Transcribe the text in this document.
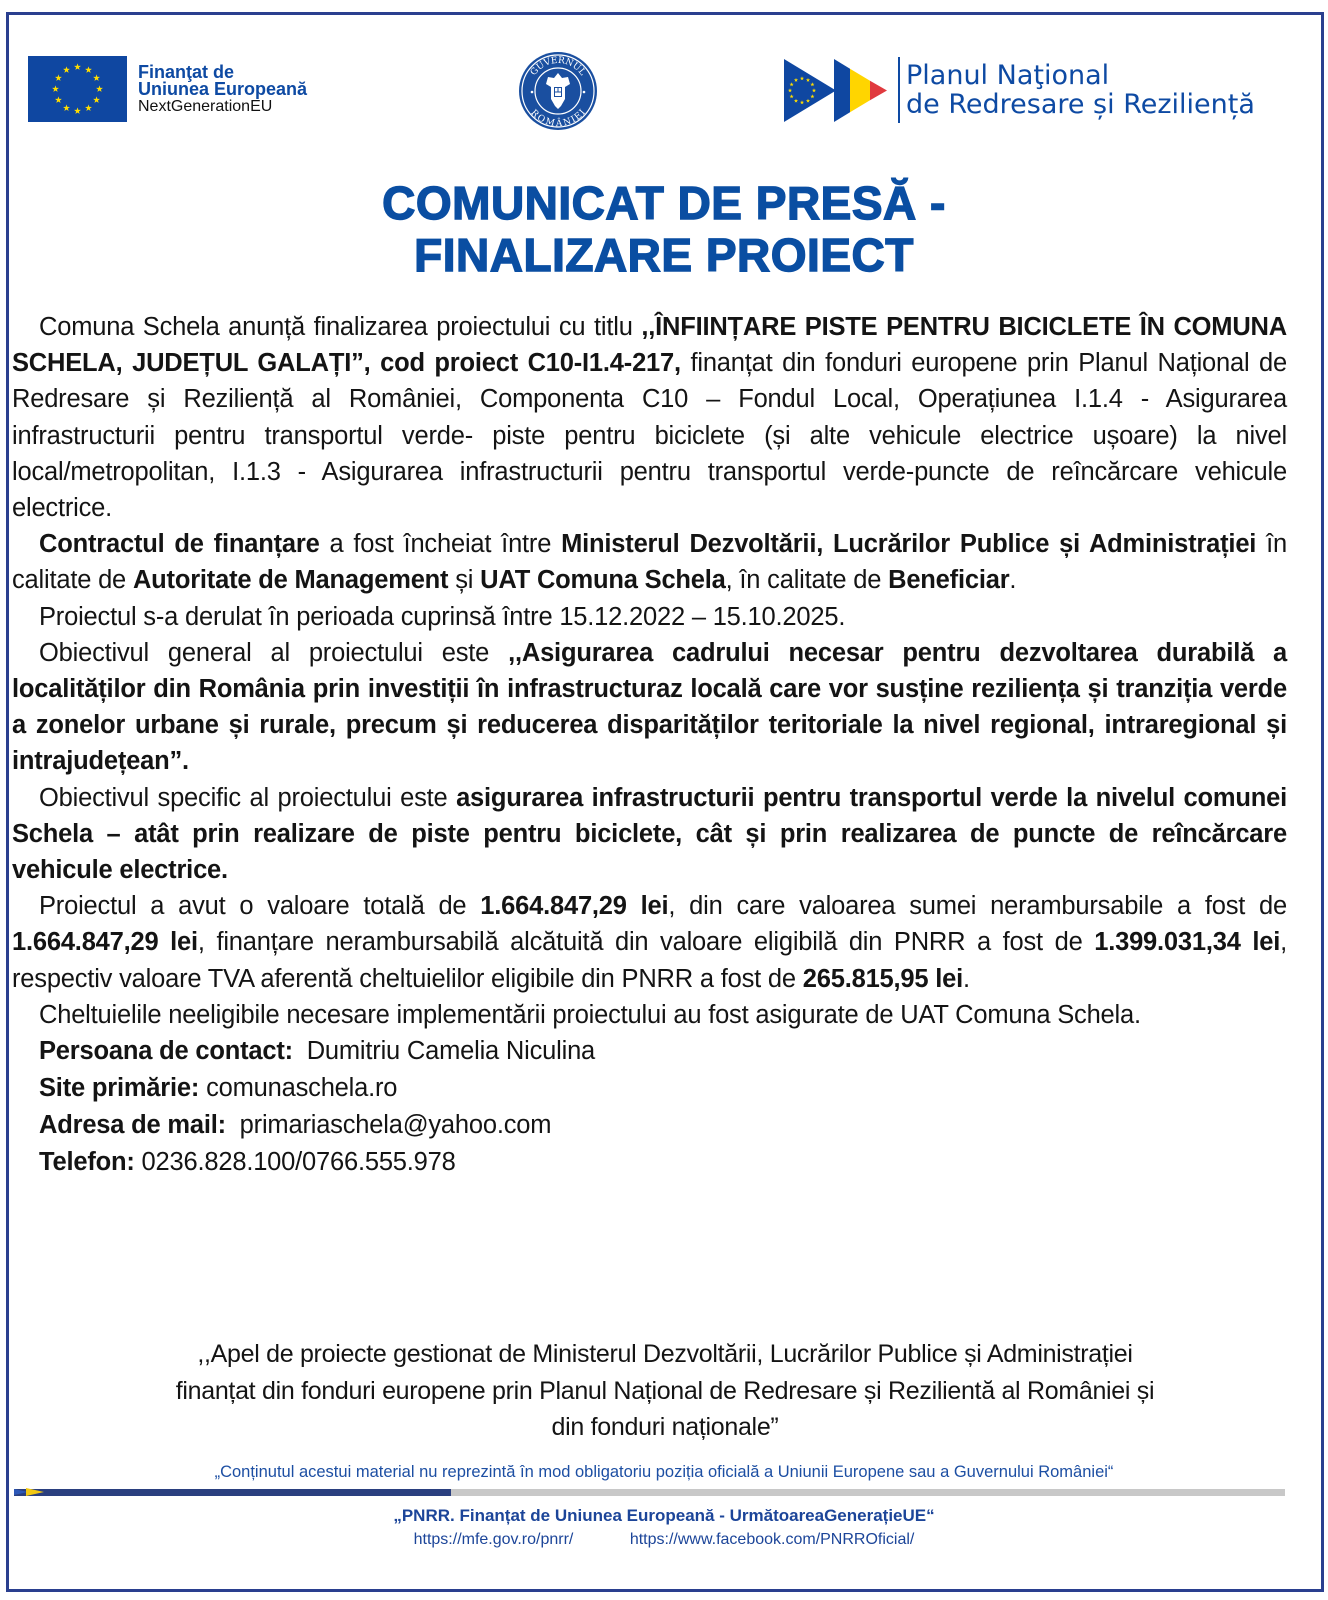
Finanţat de
Uniunea Europeană
NextGenerationEU
GUVERNUL
ROMÂNIEI
Planul Naţional
de Redresare și Reziliență
COMUNICAT DE PRESĂ -
FINALIZARE PROIECT

Comuna Schela anunță finalizarea proiectului cu titlu ,,ÎNFIINȚARE PISTE PENTRU BICICLETE ÎN COMUNA SCHELA, JUDEȚUL GALAȚI”, cod proiect C10-I1.4-217, finanțat din fonduri europene prin Planul Național de Redresare și Reziliență al României, Componenta C10 – Fondul Local, Operațiunea I.1.4 - Asigurarea infrastructurii pentru transportul verde- piste pentru biciclete (și alte vehicule electrice ușoare) la nivel local/metropolitan, I.1.3 - Asigurarea infrastructurii pentru transportul verde-puncte de reîncărcare vehicule electrice.

Contractul de finanțare a fost încheiat între Ministerul Dezvoltării, Lucrărilor Publice și Administrației în calitate de Autoritate de Management și UAT Comuna Schela, în calitate de Beneficiar.

Proiectul s-a derulat în perioada cuprinsă între 15.12.2022 – 15.10.2025.

Obiectivul general al proiectului este ,,Asigurarea cadrului necesar pentru dezvoltarea durabilă a localităților din România prin investiții în infrastructuraz locală care vor susține reziliența și tranziția verde a zonelor urbane și rurale, precum și reducerea disparităților teritoriale la nivel regional, intraregional și intrajudețean”.

Obiectivul specific al proiectului este asigurarea infrastructurii pentru transportul verde la nivelul comunei Schela – atât prin realizare de piste pentru biciclete, cât și prin realizarea de puncte de reîncărcare vehicule electrice.

Proiectul a avut o valoare totală de 1.664.847,29 lei, din care valoarea sumei nerambursabile a fost de 1.664.847,29 lei, finanțare nerambursabilă alcătuită din valoare eligibilă din PNRR a fost de 1.399.031,34 lei, respectiv valoare TVA aferentă cheltuielilor eligibile din PNRR a fost de 265.815,95 lei.

Cheltuielile neeligibile necesare implementării proiectului au fost asigurate de UAT Comuna Schela.

Persoana de contact:  Dumitriu Camelia Niculina
Site primărie: comunaschela.ro
Adresa de mail:  primariaschela@yahoo.com
Telefon: 0236.828.100/0766.555.978
,,Apel de proiecte gestionat de Ministerul Dezvoltării, Lucrărilor Publice și Administrației
finanțat din fonduri europene prin Planul Național de Redresare și Rezilientă al României și
din fonduri naționale”
„Conținutul acestui material nu reprezintă în mod obligatoriu poziția oficială a Uniunii Europene sau a Guvernului României“
„PNRR. Finanțat de Uniunea Europeană - UrmătoareaGenerațieUE“
https://mfe.gov.ro/pnrr/	https://www.facebook.com/PNRROficial/
